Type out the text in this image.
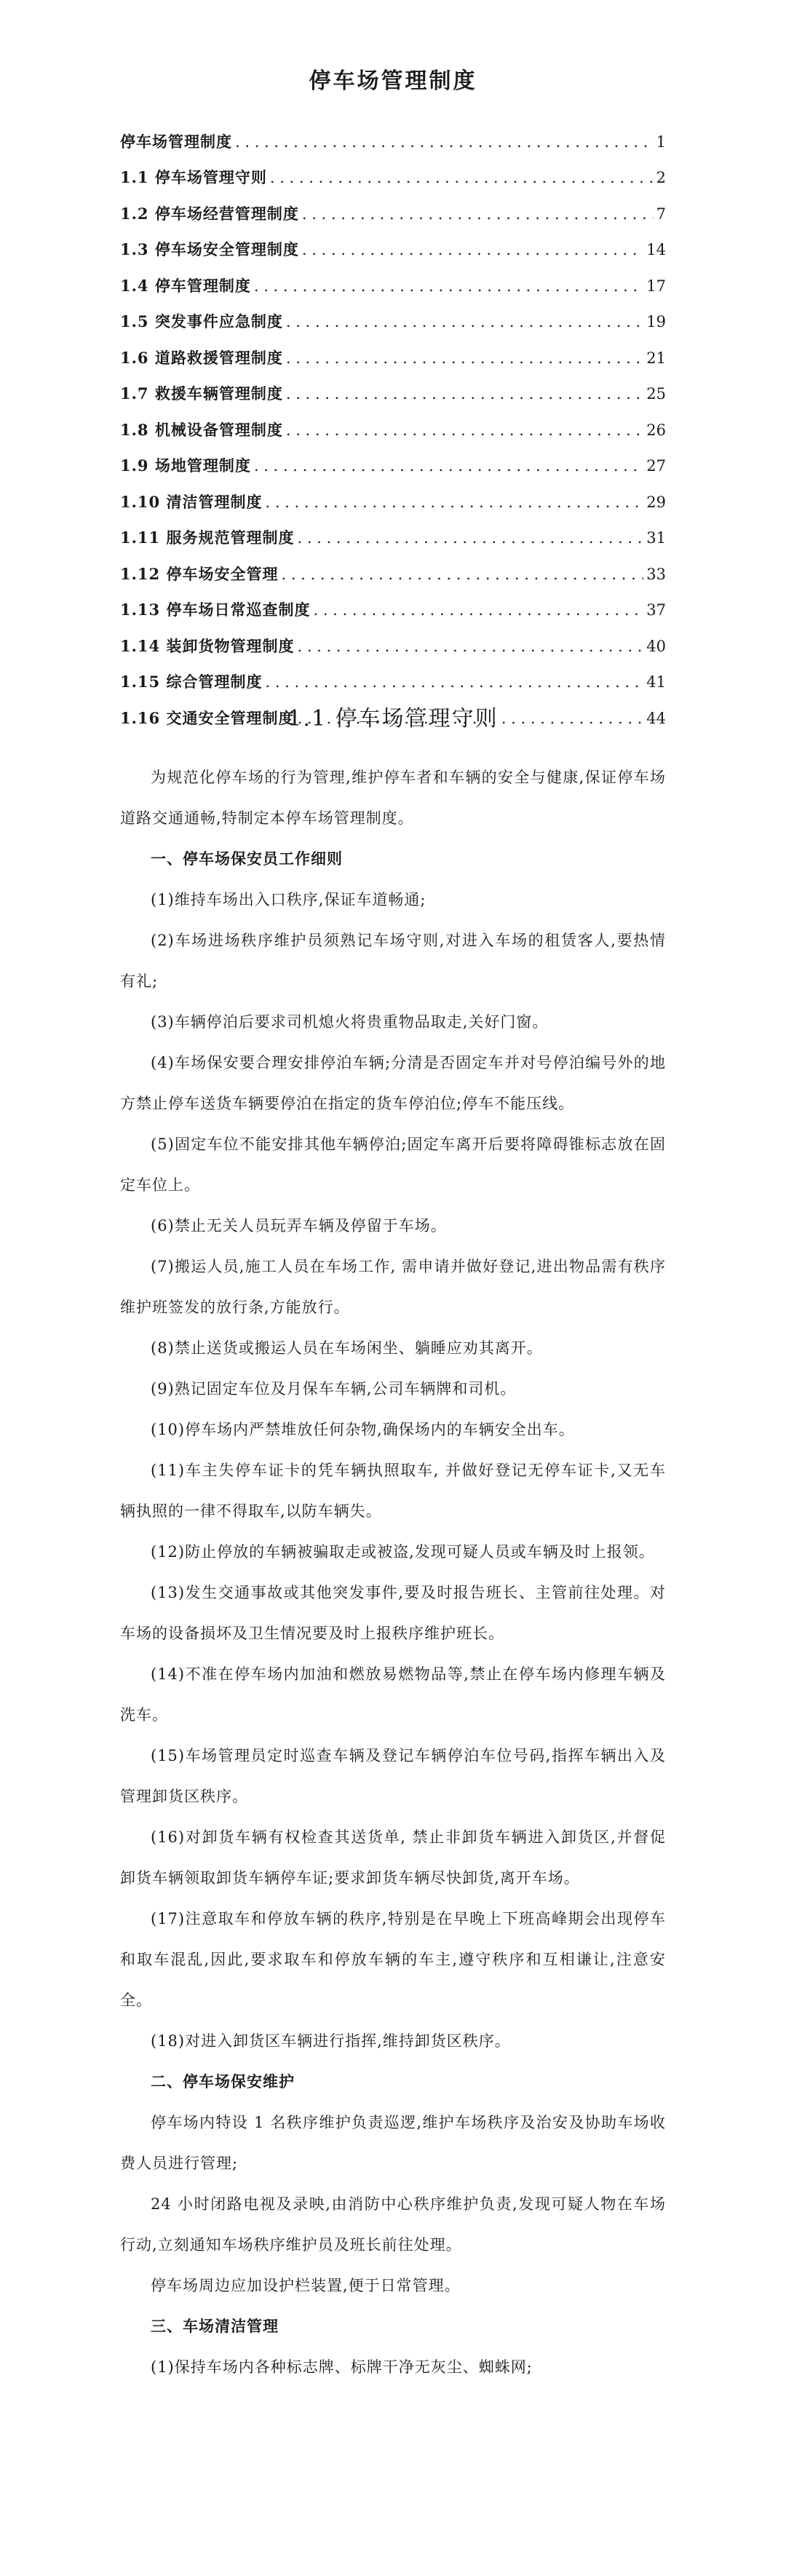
停车场管理制度
停车场管理制度 . . .	1
1.1 停车场管理守则 . . .	2
1.2 停车场经营管理制度 . . .	7
1.3 停车场安全管理制度 . . .	14
1.4 停车管理制度 . . .	17
1.5 突发事件应急制度 . . .	19
1.6 道路救援管理制度 . . .	21
1.7 救援车辆管理制度 . . .	25
1.8 机械设备管理制度 . . .	26
1.9 场地管理制度 . . .	27
1.10 清洁管理制度 . . .	29
1.11 服务规范管理制度 . . .	31
1.12 停车场安全管理 . . .	33
1.13 停车场日常巡查制度 . . .	37
1.14 装卸货物管理制度 . . .	40
1.15 综合管理制度 . . .	41
1.16 交通安全管理制度 . . .	44
1.1 停车场管理守则

为规范化停车场的行为管理,维护停车者和车辆的安全与健康,保证停车场道路交通通畅,特制定本停车场管理制度。

一、停车场保安员工作细则

(1)维持车场出入口秩序,保证车道畅通;

(2)车场进场秩序维护员须熟记车场守则,对进入车场的租赁客人,要热情有礼;

(3)车辆停泊后要求司机熄火将贵重物品取走,关好门窗。

(4)车场保安要合理安排停泊车辆;分清是否固定车并对号停泊编号外的地方禁止停车送货车辆要停泊在指定的货车停泊位;停车不能压线。

(5)固定车位不能安排其他车辆停泊;固定车离开后要将障碍锥标志放在固定车位上。

(6)禁止无关人员玩弄车辆及停留于车场。

(7)搬运人员,施工人员在车场工作, 需申请并做好登记,进出物品需有秩序维护班签发的放行条,方能放行。

(8)禁止送货或搬运人员在车场闲坐、躺睡应劝其离开。

(9)熟记固定车位及月保车车辆,公司车辆牌和司机。

(10)停车场内严禁堆放任何杂物,确保场内的车辆安全出车。

(11)车主失停车证卡的凭车辆执照取车, 并做好登记无停车证卡,又无车辆执照的一律不得取车,以防车辆失。

(12)防止停放的车辆被骗取走或被盗,发现可疑人员或车辆及时上报领。

(13)发生交通事故或其他突发事件,要及时报告班长、主管前往处理。对车场的设备损坏及卫生情况要及时上报秩序维护班长。

(14)不准在停车场内加油和燃放易燃物品等,禁止在停车场内修理车辆及洗车。

(15)车场管理员定时巡查车辆及登记车辆停泊车位号码,指挥车辆出入及管理卸货区秩序。

(16)对卸货车辆有权检查其送货单, 禁止非卸货车辆进入卸货区,并督促卸货车辆领取卸货车辆停车证;要求卸货车辆尽快卸货,离开车场。

(17)注意取车和停放车辆的秩序,特别是在早晚上下班高峰期会出现停车和取车混乱,因此,要求取车和停放车辆的车主,遵守秩序和互相谦让,注意安全。

(18)对进入卸货区车辆进行指挥,维持卸货区秩序。

二、停车场保安维护

停车场内特设 1 名秩序维护负责巡逻,维护车场秩序及治安及协助车场收费人员进行管理;

24 小时闭路电视及录映,由消防中心秩序维护负责,发现可疑人物在车场行动,立刻通知车场秩序维护员及班长前往处理。

停车场周边应加设护栏装置,便于日常管理。

三、车场清洁管理

(1)保持车场内各种标志牌、标牌干净无灰尘、蜘蛛网;
